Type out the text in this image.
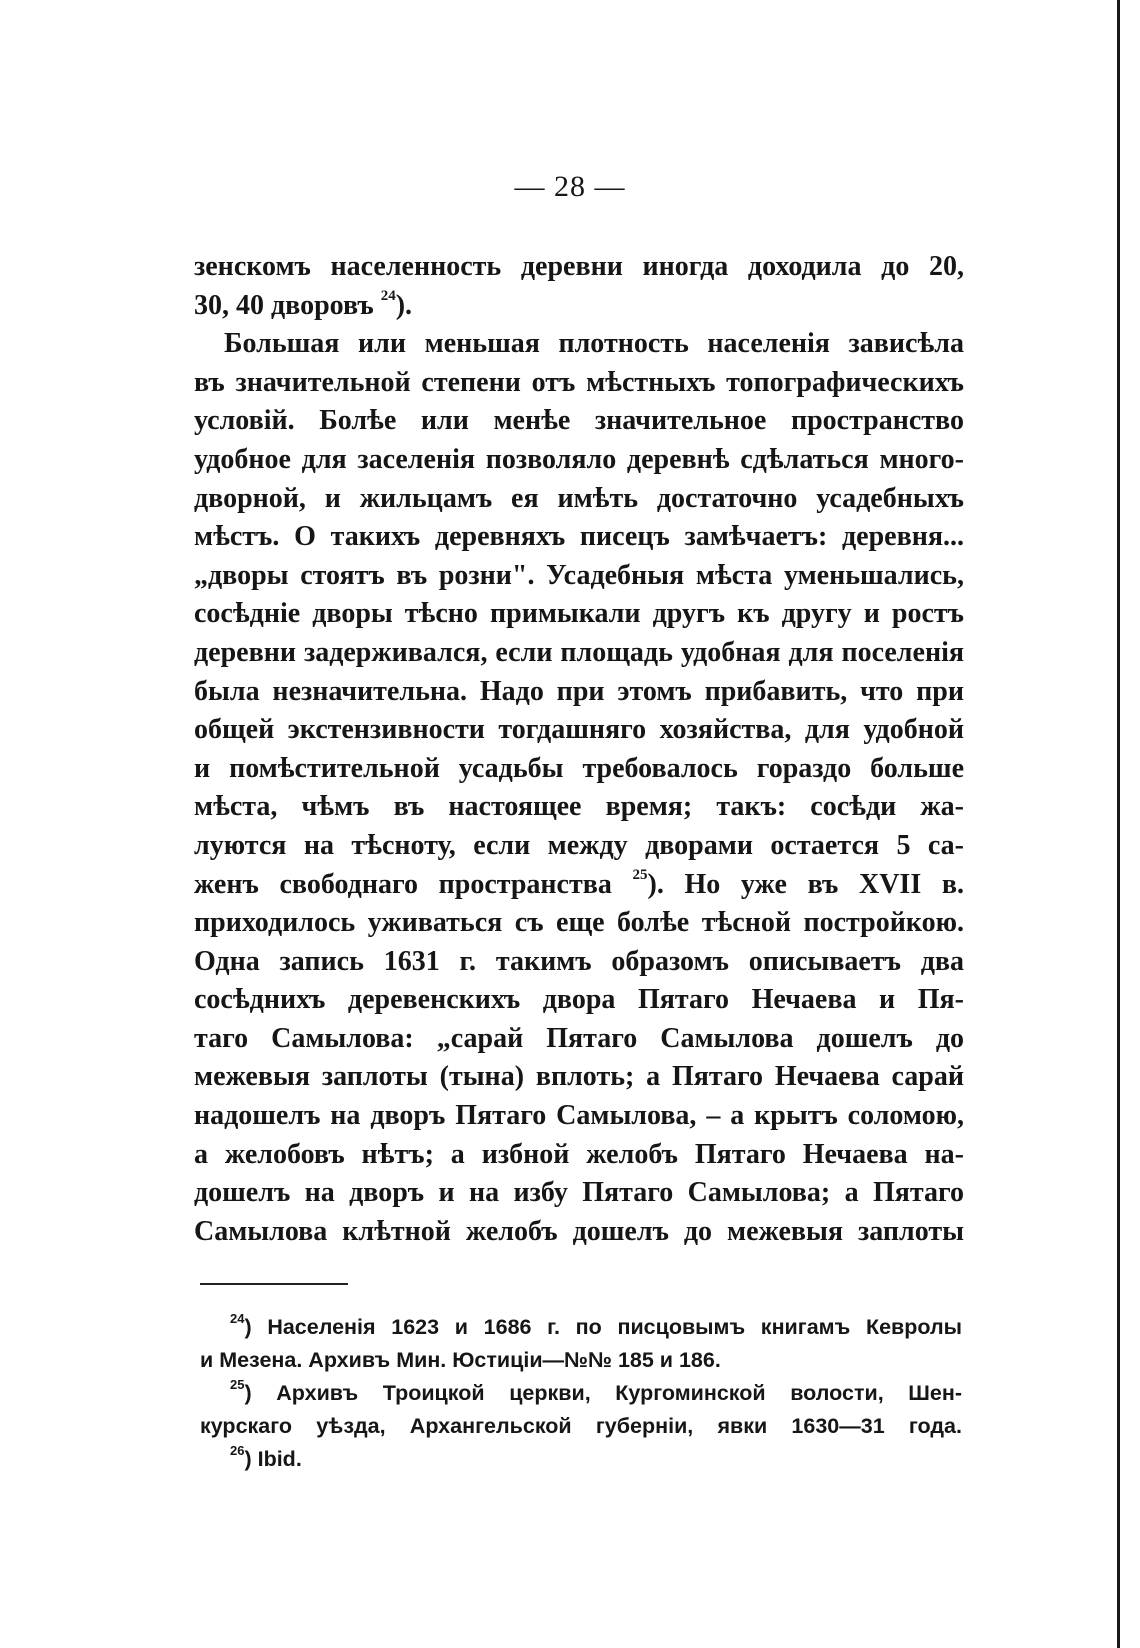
— 28 —
зенскомъ населенность деревни иногда доходила до 20,
30, 40 дворовъ $^{24}$).
Большая или меньшая плотность населенія зависѣла
въ значительной степени отъ мѣстныхъ топографическихъ
условій. Болѣе или менѣе значительное пространство
удобное для заселенія позволяло деревнѣ сдѣлаться много-
дворной, и жильцамъ ея имѣть достаточно усадебныхъ
мѣстъ. О такихъ деревняхъ писецъ замѣчаетъ: деревня...
„дворы стоятъ въ розни". Усадебныя мѣста уменьшались,
сосѣдніе дворы тѣсно примыкали другъ къ другу и ростъ
деревни задерживался, если площадь удобная для поселенія
была незначительна. Надо при этомъ прибавить, что при
общей экстензивности тогдашняго хозяйства, для удобной
и помѣстительной усадьбы требовалось гораздо больше
мѣста, чѣмъ въ настоящее время; такъ: сосѣди жа-
луются на тѣсноту, если между дворами остается 5 са-
женъ свободнаго пространства $^{25}$). Но уже въ XVII в.
приходилось уживаться съ еще болѣе тѣсной постройкою.
Одна запись 1631 г. такимъ образомъ описываетъ два
сосѣднихъ деревенскихъ двора Пятаго Нечаева и Пя-
таго Самылова: „сарай Пятаго Самылова дошелъ до
межевыя заплоты (тына) вплоть; а Пятаго Нечаева сарай
надошелъ на дворъ Пятаго Самылова, – а крытъ соломою,
а желобовъ нѣтъ; а избной желобъ Пятаго Нечаева на-
дошелъ на дворъ и на избу Пятаго Самылова; а Пятаго
Самылова клѣтной желобъ дошелъ до межевыя заплоты
$^{24}$) Населенія 1623 и 1686 г. по писцовымъ книгамъ Кевролы
и Мезена. Архивъ Мин. Юстиціи—№№ 185 и 186.
$^{25}$) Архивъ Троицкой церкви, Кургоминской волости, Шен-
курскаго уѣзда, Архангельской губерніи, явки 1630—31 года.
$^{26}$) Ibid.
